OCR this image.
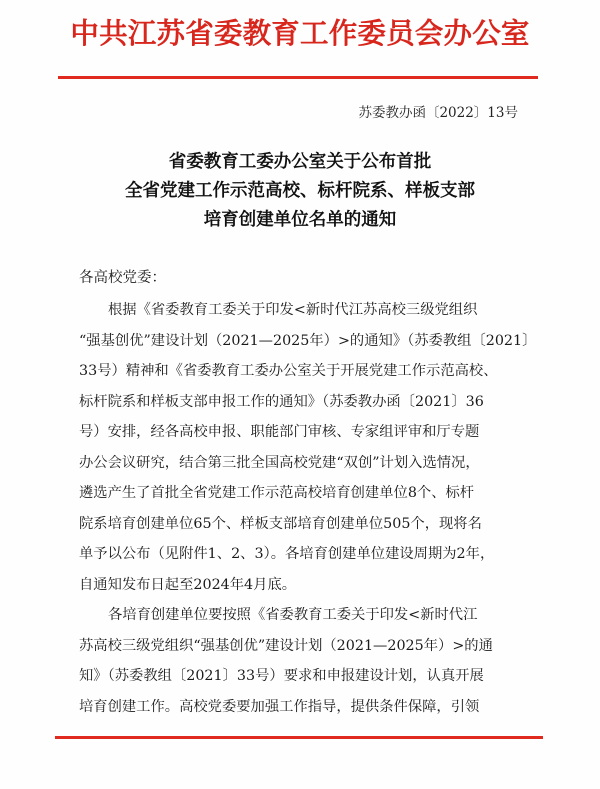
中共江苏省委教育工作委员会办公室
苏委教办函〔2022〕13号
省委教育工委办公室关于公布首批
全省党建工作示范高校、标杆院系、样板支部
培育创建单位名单的通知
各高校党委：
根据《省委教育工委关于印发<新时代江苏高校三级党组织
“强基创优”建设计划（2021—2025年）>的通知》（苏委教组〔2021〕
33号）精神和《省委教育工委办公室关于开展党建工作示范高校、
标杆院系和样板支部申报工作的通知》（苏委教办函〔2021〕36
号）安排，经各高校申报、职能部门审核、专家组评审和厅专题
办公会议研究，结合第三批全国高校党建“双创”计划入选情况，
遴选产生了首批全省党建工作示范高校培育创建单位8个、标杆
院系培育创建单位65个、样板支部培育创建单位505个，现将名
单予以公布（见附件1、2、3）。各培育创建单位建设周期为2年，
自通知发布日起至2024年4月底。
各培育创建单位要按照《省委教育工委关于印发<新时代江
苏高校三级党组织“强基创优”建设计划（2021—2025年）>的通
知》（苏委教组〔2021〕33号）要求和申报建设计划，认真开展
培育创建工作。高校党委要加强工作指导，提供条件保障，引领
